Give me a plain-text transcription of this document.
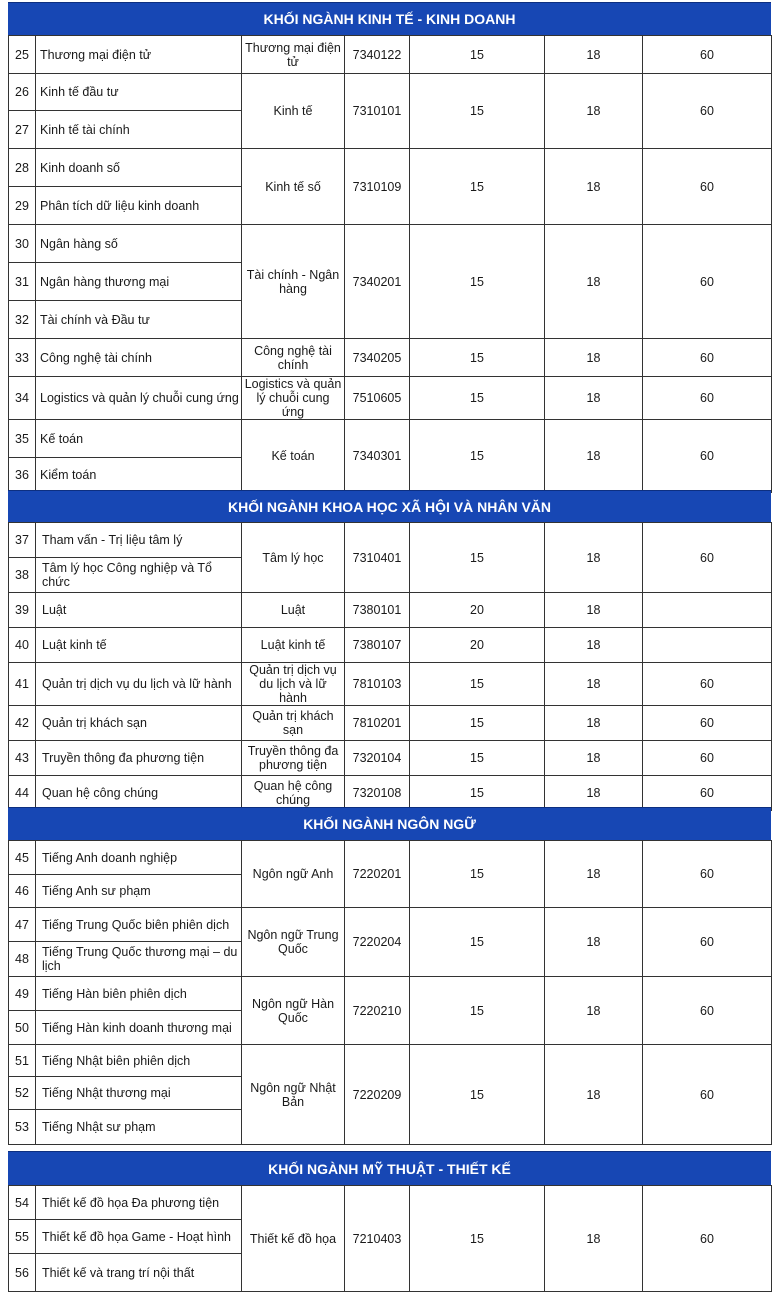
KHỐI NGÀNH KINH TẾ - KINH DOANH
25	Thương mại điện tử	Thương mại điện tử	7340122	15	18	60
26	Kinh tế đầu tư	Kinh tế	7310101	15	18	60
27	Kinh tế tài chính					
28	Kinh doanh số	Kinh tế số	7310109	15	18	60
29	Phân tích dữ liệu kinh doanh					
30	Ngân hàng số	Tài chính - Ngân hàng	7340201	15	18	60
31	Ngân hàng thương mại					
32	Tài chính và Đầu tư					
33	Công nghệ tài chính	Công nghệ tài chính	7340205	15	18	60
34	Logistics và quản lý chuỗi cung ứng	Logistics và quản lý chuỗi cung ứng	7510605	15	18	60
35	Kế toán	Kế toán	7340301	15	18	60
36	Kiểm toán					
KHỐI NGÀNH KHOA HỌC XÃ HỘI VÀ NHÂN VĂN
37	Tham vấn - Trị liệu tâm lý	Tâm lý học	7310401	15	18	60
38	Tâm lý học Công nghiệp và Tổ chức					
39	Luật	Luật	7380101	20	18	
40	Luật kinh tế	Luật kinh tế	7380107	20	18	
41	Quản trị dịch vụ du lịch và lữ hành	Quản trị dịch vụ du lịch và lữ hành	7810103	15	18	60
42	Quản trị khách sạn	Quản trị khách sạn	7810201	15	18	60
43	Truyền thông đa phương tiện	Truyền thông đa phương tiện	7320104	15	18	60
44	Quan hệ công chúng	Quan hệ công chúng	7320108	15	18	60
KHỐI NGÀNH NGÔN NGỮ
45	Tiếng Anh doanh nghiệp	Ngôn ngữ Anh	7220201	15	18	60
46	Tiếng Anh sư phạm					
47	Tiếng Trung Quốc biên phiên dịch	Ngôn ngữ Trung Quốc	7220204	15	18	60
48	Tiếng Trung Quốc thương mại – du lịch					
49	Tiếng Hàn biên phiên dịch	Ngôn ngữ Hàn Quốc	7220210	15	18	60
50	Tiếng Hàn kinh doanh thương mại					
51	Tiếng Nhật biên phiên dịch	Ngôn ngữ Nhật Bản	7220209	15	18	60
52	Tiếng Nhật thương mại					
53	Tiếng Nhật sư phạm					
KHỐI NGÀNH MỸ THUẬT - THIẾT KẾ
54	Thiết kế đồ họa Đa phương tiện	Thiết kế đồ họa	7210403	15	18	60
55	Thiết kế đồ họa Game - Hoạt hình					
56	Thiết kế và trang trí nội thất					
